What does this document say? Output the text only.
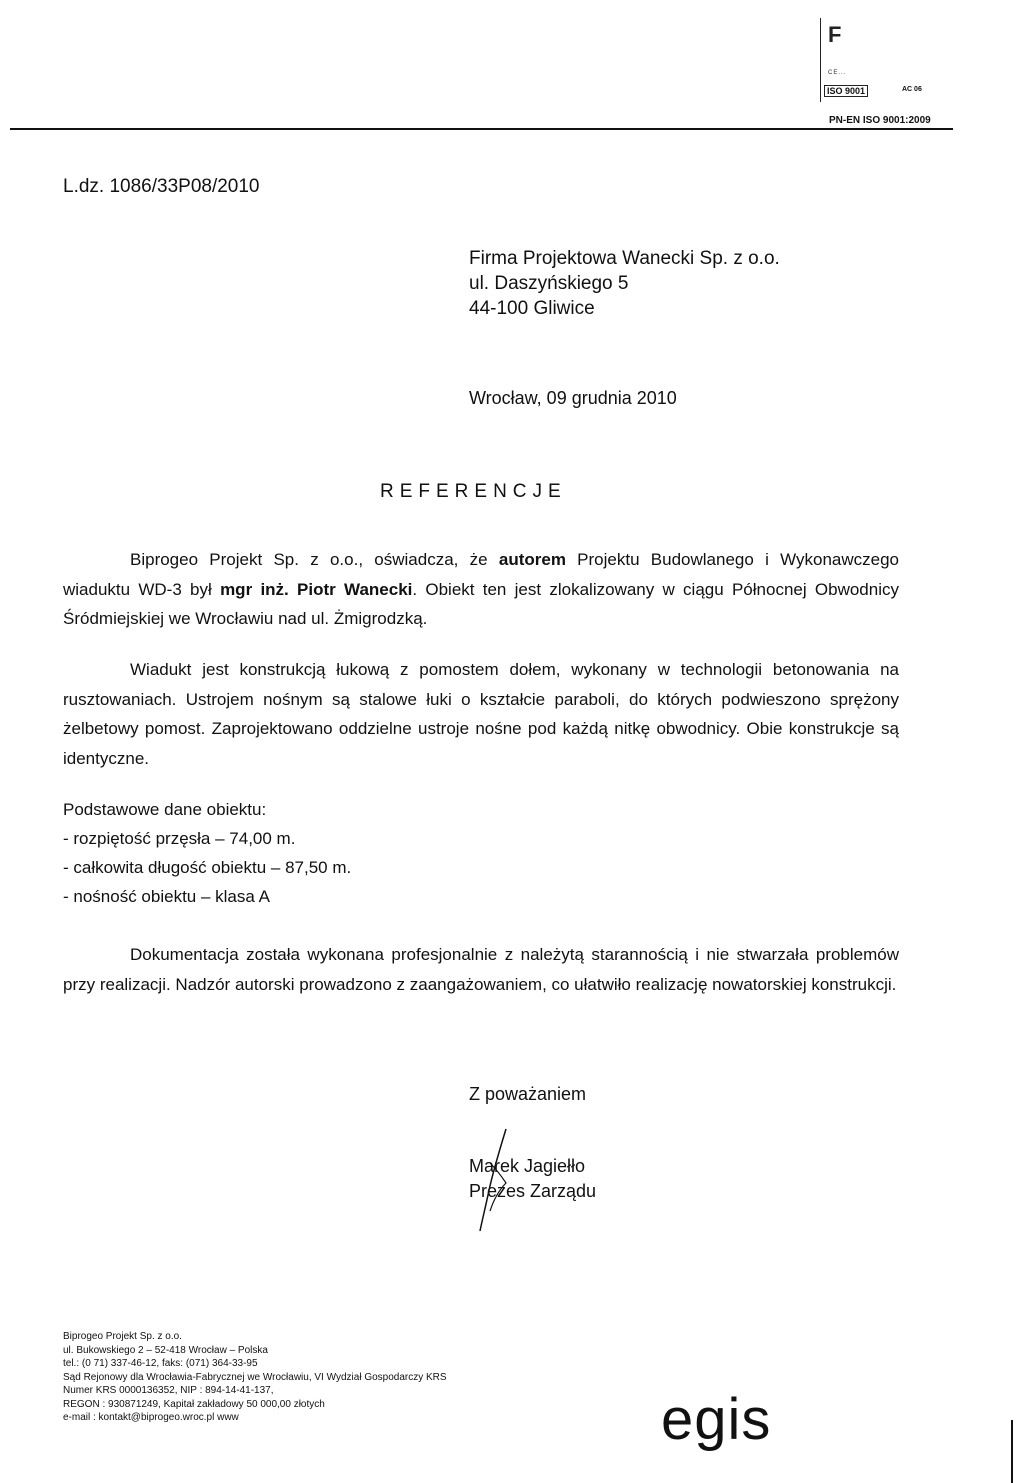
F
CE...
ISO 9001	AC 06
PN-EN ISO 9001:2009
L.dz. 1086/33P08/2010
Firma Projektowa Wanecki Sp. z o.o.
ul. Daszyńskiego 5
44-100 Gliwice
Wrocław, 09 grudnia 2010
REFERENCJE
Biprogeo Projekt Sp. z o.o., oświadcza, że autorem Projektu Budowlanego i Wykonawczego wiaduktu WD-3 był mgr inż. Piotr Wanecki. Obiekt ten jest zlokalizowany w ciągu Północnej Obwodnicy Śródmiejskiej we Wrocławiu nad ul. Żmigrodzką.
Wiadukt jest konstrukcją łukową z pomostem dołem, wykonany w technologii betonowania na rusztowaniach. Ustrojem nośnym są stalowe łuki o kształcie paraboli, do których podwieszono sprężony żelbetowy pomost. Zaprojektowano oddzielne ustroje nośne pod każdą nitkę obwodnicy. Obie konstrukcje są identyczne.
Podstawowe dane obiektu:
- rozpiętość przęsła – 74,00 m.
- całkowita długość obiektu – 87,50 m.
- nośność obiektu – klasa A
Dokumentacja została wykonana profesjonalnie z należytą starannością i nie stwarzała problemów przy realizacji. Nadzór autorski prowadzono z zaangażowaniem, co ułatwiło realizację nowatorskiej konstrukcji.
Z poważaniem
Marek Jagiełło
Prezes Zarządu
Biprogeo Projekt Sp. z o.o.
ul. Bukowskiego 2 – 52-418 Wrocław – Polska
tel.: (0 71) 337-46-12, faks: (071) 364-33-95
Sąd Rejonowy dla Wrocławia-Fabrycznej we Wrocławiu, VI Wydział Gospodarczy KRS
Numer KRS 0000136352, NIP : 894-14-41-137,
REGON : 930871249, Kapitał zakładowy 50 000,00 złotych
e-mail : kontakt@biprogeo.wroc.pl www	egis
